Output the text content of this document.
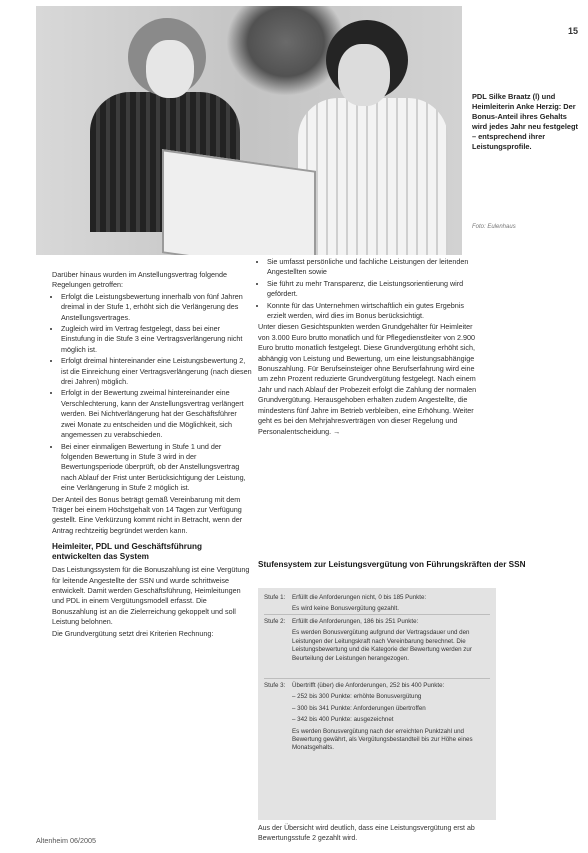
15
PDL Silke Braatz (l) und Heimleiterin Anke Herzig: Der Bonus-Anteil ihres Gehalts wird jedes Jahr neu festgelegt – entsprechend ihrer Leistungsprofile.
Foto: Eulenhaus

Darüber hinaus wurden im Anstellungsvertrag folgende Regelungen getroffen:

• Erfolgt die Leistungsbewertung innerhalb von fünf Jahren dreimal in der Stufe 1, erhöht sich die Verlängerung des Anstellungsvertrages.
• Zugleich wird im Vertrag festgelegt, dass bei einer Einstufung in die Stufe 3 eine Vertragsverlängerung nicht möglich ist.
• Erfolgt dreimal hintereinander eine Leistungsbewertung 2, ist die Einreichung einer Vertragsverlängerung (nach diesen drei Jahren) möglich.
• Erfolgt in der Bewertung zweimal hintereinander eine Verschlechterung, kann der Anstellungsvertrag verlängert werden. Bei Nichtverlängerung hat der Geschäftsführer zwei Monate zu entscheiden und die Möglichkeit, sich angemessen zu verabschieden.
• Bei einer einmaligen Bewertung in Stufe 1 und der folgenden Bewertung in Stufe 3 wird in der Bewertungsperiode überprüft, ob der Anstellungsvertrag nach Ablauf der Frist unter Berücksichtigung der Leistung, eine Verlängerung in Stufe 2 möglich ist.

Der Anteil des Bonus beträgt gemäß Vereinbarung mit dem Träger bei einem Höchstgehalt von 14 Tagen zur Verfügung gestellt. Eine Verkürzung kommt nicht in Betracht, wenn der Antrag rechtzeitig begründet werden kann.

Heimleiter, PDL und Geschäftsführung entwickelten das System

Das Leistungssystem für die Bonuszahlung ist eine Vergütung für leitende Angestellte der SSN und wurde schrittweise entwickelt. Damit werden Geschäftsführung, Heimleitungen und PDL in einem Vergütungsmodell erfasst. Die Bonuszahlung ist an die Zielerreichung gekoppelt und soll Leistung belohnen.

Die Grundvergütung setzt drei Kriterien Rechnung:

• Sie umfasst persönliche und fachliche Leistungen der leitenden Angestellten sowie
• Sie führt zu mehr Transparenz, die Leistungsorientierung wird gefördert.
• Konnte für das Unternehmen wirtschaftlich ein gutes Ergebnis erzielt werden, wird dies im Bonus berücksichtigt.

Unter diesen Gesichtspunkten werden Grundgehälter für Heimleiter von 3.000 Euro brutto monatlich und für Pflegedienstleiter von 2.900 Euro brutto monatlich festgelegt. Diese Grundvergütung erhöht sich, abhängig von Leistung und Bewertung, um eine leistungsabhängige Bonuszahlung. Für Berufseinsteiger ohne Berufserfahrung wird eine um zehn Prozent reduzierte Grundvergütung festgelegt. Nach einem Jahr und nach Ablauf der Probezeit erfolgt die Zahlung der normalen Grundvergütung. Herausgehoben erhalten zudem Angestellte, die mindestens fünf Jahre im Betrieb verbleiben, eine Erhöhung. Weiter geht es bei den Mehrjahresverträgen von dieser Regelung und Personalentscheidung. →

Stufensystem zur Leistungsvergütung von Führungskräften der SSN
Stufe 1:	Erfüllt die Anforderungen nicht, 0 bis 185 Punkte:
Es wird keine Bonusvergütung gezahlt.
Stufe 2:	Erfüllt die Anforderungen, 186 bis 251 Punkte:
Es werden Bonusvergütung aufgrund der Vertragsdauer und den Leistungen der Leitungskraft nach Vereinbarung berechnet. Die Leistungsbewertung und die Kategorie der Bewertung werden zur Beurteilung der Leistungen herangezogen.
Stufe 3:	Übertrifft (über) die Anforderungen, 252 bis 400 Punkte:
– 252 bis 300 Punkte: erhöhte Bonusvergütung
– 300 bis 341 Punkte: Anforderungen übertroffen
– 342 bis 400 Punkte: ausgezeichnet
Es werden Bonusvergütung nach der erreichten Punktzahl und Bewertung gewährt, als Vergütungsbestandteil bis zur Höhe eines Monatsgehalts.
Aus der Übersicht wird deutlich, dass eine Leistungsvergütung erst ab Bewertungsstufe 2 gezahlt wird.
Altenheim 06/2005
